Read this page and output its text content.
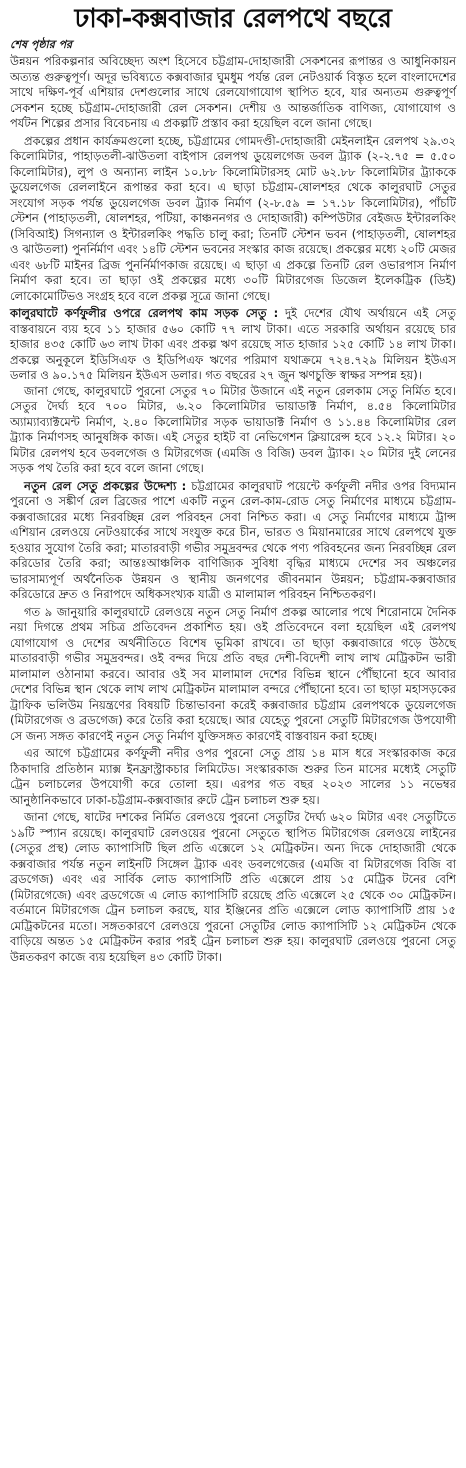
ঢাকা-কক্সবাজার রেলপথে বছরে
শেষ পৃষ্ঠার পর

উন্নয়ন পরিকল্পনার অবিচ্ছেদ্য অংশ হিসেবে চট্টগ্রাম-দোহাজারী সেকশনের রূপান্তর ও আধুনিকায়ন অত্যন্ত গুরুত্বপূর্ণ। অদূর ভবিষ্যতে কক্সবাজার ঘুমধুম পর্যন্ত রেল নেটওয়ার্ক বিস্তৃত হলে বাংলাদেশের সাথে দক্ষিণ-পূর্ব এশিয়ার দেশগুলোর সাথে রেলযোগাযোগ স্থাপিত হবে, যার অন্যতম গুরুত্বপূর্ণ সেকশন হচ্ছে চট্টগ্রাম-দোহাজারী রেল সেকশন। দেশীয় ও আন্তর্জাতিক বাণিজ্য, যোগাযোগ ও পর্যটন শিল্পের প্রসার বিবেচনায় এ প্রকল্পটি প্রস্তাব করা হয়েছিল বলে জানা গেছে।

প্রকল্পের প্রধান কার্যক্রমগুলো হচ্ছে, চট্টগ্রামের গোমদণ্ডী-দোহাজারী মেইনলাইন রেলপথ ২৯.৩২ কিলোমিটার, পাহাড়তলী-ঝাউতলা বাইপাস রেলপথ ডুয়েলগেজ ডবল ট্র্যাক (২-২.৭৫ = ৫.৫০ কিলোমিটার), লুপ ও অন্যান্য লাইন ১০.৮৮ কিলোমিটারসহ মোট ৬২.৮৮ কিলোমিটার ট্র্যাককে ডুয়েলগেজ রেললাইনে রূপান্তর করা হবে। এ ছাড়া চট্টগ্রাম-ষোলশহর থেকে কালুরঘাট সেতুর সংযোগ সড়ক পর্যন্ত ডুয়েলগেজ ডবল ট্র্যাক নির্মাণ (২-৮.৫৯ = ১৭.১৮ কিলোমিটার), পাঁচটি স্টেশন (পাহাড়তলী, ষোলশহর, পটিয়া, কাঞ্চননগর ও দোহাজারী) কম্পিউটার বেইজড ইন্টারলকিং (সিবিআই) সিগন্যাল ও ইন্টারলকিং পদ্ধতি চালু করা; তিনটি স্টেশন ভবন (পাহাড়তলী, ষোলশহর ও ঝাউতলা) পুনর্নির্মাণ এবং ১৪টি স্টেশন ভবনের সংস্কার কাজ রয়েছে। প্রকল্পের মধ্যে ২০টি মেজর এবং ৬৮টি মাইনর ব্রিজ পুনর্নির্মাণকাজ রয়েছে। এ ছাড়া এ প্রকল্পে তিনটি রেল ওভারপাস নির্মাণ নির্মাণ করা হবে। তা ছাড়া ওই প্রকল্পের মধ্যে ৩০টি মিটারগেজ ডিজেল ইলেকট্রিক (ডিই) লোকোমোটিভও সংগ্রহ হবে বলে প্রকল্প সূত্রে জানা গেছে।

কালুরঘাটে কর্ণফুলীর ওপরে রেলপথ কাম সড়ক সেতু : দুই দেশের যৌথ অর্থায়নে এই সেতু বাস্তবায়নে ব্যয় হবে ১১ হাজার ৫৬০ কোটি ৭৭ লাখ টাকা। এতে সরকারি অর্থায়ন রয়েছে চার হাজার ৪৩৫ কোটি ৬৩ লাখ টাকা এবং প্রকল্প ঋণ রয়েছে সাত হাজার ১২৫ কোটি ১৪ লাখ টাকা। প্রকল্পে অনুকূলে ইডিসিএফ ও ইডিপিএফ ঋণের পরিমাণ যথাক্রমে ৭২৪.৭২৯ মিলিয়ন ইউএস ডলার ও ৯০.১৭৫ মিলিয়ন ইউএস ডলার। গত বছরের ২৭ জুন ঋণচুক্তি স্বাক্ষর সম্পন্ন হয়)।

জানা গেছে, কালুরঘাটে পুরনো সেতুর ৭০ মিটার উজানে এই নতুন রেলকাম সেতু নির্মিত হবে। সেতুর দৈর্ঘ্য হবে ৭০০ মিটার, ৬.২০ কিলোমিটার ভায়াডাক্ট নির্মাণ, ৪.৫৪ কিলোমিটার অ্যাম্যাব্যাক্টমেন্ট নির্মাণ, ২.৪০ কিলোমিটার সড়ক ভায়াডাক্ট নির্মাণ ও ১১.৪৪ কিলোমিটার রেল ট্র্যাক নির্মাণসহ আনুষঙ্গিক কাজ। এই সেতুর হাইট বা নেভিগেশন ক্লিয়ারেন্স হবে ১২.২ মিটার। ২০ মিটার রেলপথ হবে ডবলগেজ ও মিটারগেজ (এমজি ও বিজি) ডবল ট্র্যাক। ২০ মিটার দুই লেনের সড়ক পথ তৈরি করা হবে বলে জানা গেছে।

নতুন রেল সেতু প্রকল্পের উদ্দেশ্য : চট্টগ্রামের কালুরঘাট পয়েন্টে কর্ণফুলী নদীর ওপর বিদ্যমান পুরনো ও সঙ্কীর্ণ রেল ব্রিজের পাশে একটি নতুন রেল-কাম-রোড সেতু নির্মাণের মাধ্যমে চট্টগ্রাম-কক্সবাজারের মধ্যে নিরবচ্ছিন্ন রেল পরিবহন সেবা নিশ্চিত করা। এ সেতু নির্মাণের মাধ্যমে ট্রান্স এশিয়ান রেলওয়ে নেটওয়ার্কের সাথে সংযুক্ত করে চীন, ভারত ও মিয়ানমারের সাথে রেলপথে যুক্ত হওয়ার সুযোগ তৈরি করা; মাতারবাড়ী গভীর সমুদ্রবন্দর থেকে পণ্য পরিবহনের জন্য নিরবচ্ছিন্ন রেল করিডোর তৈরি করা; আন্তঃআঞ্চলিক বাণিজ্যিক সুবিধা বৃদ্ধির মাধ্যমে দেশের সব অঞ্চলের ভারসাম্যপূর্ণ অর্থনৈতিক উন্নয়ন ও স্থানীয় জনগণের জীবনমান উন্নয়ন; চট্টগ্রাম-কক্সবাজার করিডোরে দ্রুত ও নিরাপদে অধিকসংখ্যক যাত্রী ও মালামাল পরিবহন নিশ্চিতকরণ।

গত ৯ জানুয়ারি কালুরঘাটে রেলওয়ে নতুন সেতু নির্মাণ প্রকল্প আলোর পথে শিরোনামে দৈনিক নয়া দিগন্তে প্রথম সচিত্র প্রতিবেদন প্রকাশিত হয়। ওই প্রতিবেদনে বলা হয়েছিল এই রেলপথ যোগাযোগ ও দেশের অর্থনীতিতে বিশেষ ভূমিকা রাখবে। তা ছাড়া কক্সবাজারে গড়ে উঠছে মাতারবাড়ী গভীর সমুদ্রবন্দর। ওই বন্দর দিয়ে প্রতি বছর দেশী-বিদেশী লাখ লাখ মেট্রিকটন ভারী মালামাল ওঠানামা করবে। আবার ওই সব মালামাল দেশের বিভিন্ন স্থানে পৌঁছানো হবে আবার দেশের বিভিন্ন স্থান থেকে লাখ লাখ মেট্রিকটন মালামাল বন্দরে পৌঁছানো হবে। তা ছাড়া মহাসড়কের ট্রাফিক ভলিউম নিয়ন্ত্রণের বিষয়টি চিন্তাভাবনা করেই কক্সবাজার চট্টগ্রাম রেলপথকে ডুয়েলগেজ (মিটারগেজ ও ব্রডগেজ) করে তৈরি করা হয়েছে। আর যেহেতু পুরনো সেতুটি মিটারগেজ উপযোগী সে জন্য সঙ্গত কারণেই নতুন সেতু নির্মাণ যুক্তিসঙ্গত কারণেই বাস্তবায়ন করা হচ্ছে।

এর আগে চট্টগ্রামের কর্ণফুলী নদীর ওপর পুরনো সেতু প্রায় ১৪ মাস ধরে সংস্কারকাজ করে ঠিকাদারি প্রতিষ্ঠান ম্যাক্স ইনফ্রাস্ট্রাকচার লিমিটেড। সংস্কারকাজ শুরুর তিন মাসের মধ্যেই সেতুটি ট্রেন চলাচলের উপযোগী করে তোলা হয়। এরপর গত বছর ২০২৩ সালের ১১ নভেম্বর আনুষ্ঠানিকভাবে ঢাকা-চট্টগ্রাম-কক্সবাজার রুটে ট্রেন চলাচল শুরু হয়।

জানা গেছে, ষাটের দশকের নির্মিত রেলওয়ে পুরনো সেতুটির দৈর্ঘ্য ৬২০ মিটার এবং সেতুটিতে ১৯টি স্প্যান রয়েছে। কালুরঘাট রেলওয়ের পুরনো সেতুতে স্থাপিত মিটারগেজ রেলওয়ে লাইনের (সেতুর প্রস্থ) লোড ক্যাপাসিটি ছিল প্রতি এক্সেলে ১২ মেট্রিকটন। অন্য দিকে দোহাজারী থেকে কক্সবাজার পর্যন্ত নতুন লাইনটি সিঙ্গেল ট্র্যাক এবং ডবলগেজের (এমজি বা মিটারগেজ বিজি বা ব্রডগেজ) এবং এর সার্বিক লোড ক্যাপাসিটি প্রতি এক্সেলে প্রায় ১৫ মেট্রিক টনের বেশি (মিটারগেজে) এবং ব্রডগেজে এ লোড ক্যাপাসিটি রয়েছে প্রতি এক্সেলে ২৫ থেকে ৩০ মেট্রিকটন। বর্তমানে মিটারগেজ ট্রেন চলাচল করছে, যার ইঞ্জিনের প্রতি এক্সেলে লোড ক্যাপাসিটি প্রায় ১৫ মেট্রিকটনের মতো। সঙ্গতকারণে রেলওয়ে পুরনো সেতুটির লোড ক্যাপাসিটি ১২ মেট্রিকটন থেকে বাড়িয়ে অন্তত ১৫ মেট্রিকটন করার পরই ট্রেন চলাচল শুরু হয়। কালুরঘাট রেলওয়ে পুরনো সেতু উন্নতকরণ কাজে ব্যয় হয়েছিল ৪৩ কোটি টাকা।
